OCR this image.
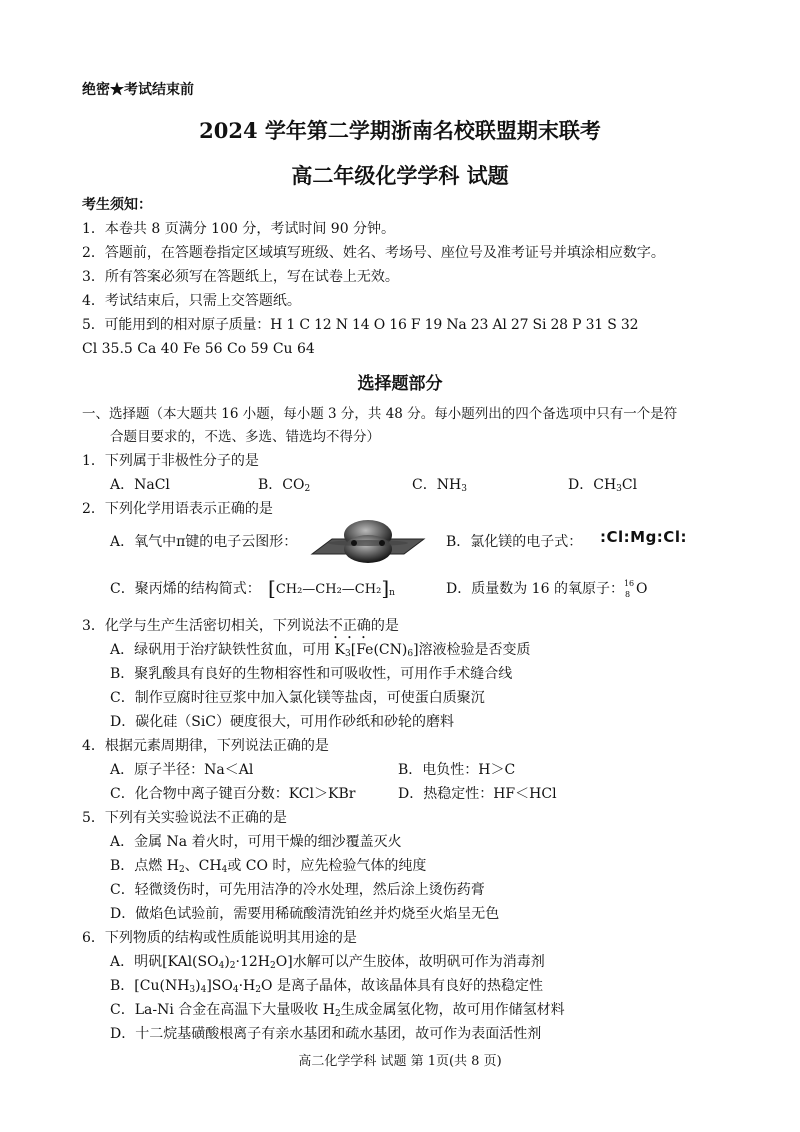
绝密★考试结束前
2024 学年第二学期浙南名校联盟期末联考
高二年级化学学科 试题
考生须知：
1．本卷共 8 页满分 100 分，考试时间 90 分钟。
2．答题前，在答题卷指定区域填写班级、姓名、考场号、座位号及准考证号并填涂相应数字。
3．所有答案必须写在答题纸上，写在试卷上无效。
4．考试结束后，只需上交答题纸。
5．可能用到的相对原子质量：H 1 C 12 N 14 O 16 F 19 Na 23 Al 27 Si 28 P 31 S 32
Cl 35.5 Ca 40 Fe 56 Co 59 Cu 64
选择题部分
一、选择题（本大题共 16 小题，每小题 3 分，共 48 分。每小题列出的四个备选项中只有一个是符
合题目要求的，不选、多选、错选均不得分）
1．下列属于非极性分子的是
A．NaCl	B．$CO_2$	C．$NH_3$	D．$CH_3Cl$
2．下列化学用语表示正确的是
A．氧气中π键的电子云图形：	B．氯化镁的电子式： :Cl:Mg:Cl:
C．聚丙烯的结构简式： $[CH_2—CH_2—CH_2]_n$	D．质量数为 16 的氧原子： 16
8 O
3．化学与生产生活密切相关，下列说法不正确的是
A．绿矾用于治疗缺铁性贫血，可用 $K_3[Fe(CN)_6]$溶液检验是否变质
B．聚乳酸具有良好的生物相容性和可吸收性，可用作手术缝合线
C．制作豆腐时往豆浆中加入氯化镁等盐卤，可使蛋白质聚沉
D．碳化硅（SiC）硬度很大，可用作砂纸和砂轮的磨料
4．根据元素周期律，下列说法正确的是
A．原子半径：Na＜Al	B．电负性：H＞C
C．化合物中离子键百分数：KCl＞KBr	D．热稳定性：HF＜HCl
5．下列有关实验说法不正确的是
A．金属 Na 着火时，可用干燥的细沙覆盖灭火
B．点燃 $H_2$、$CH_4$或 CO 时，应先检验气体的纯度
C．轻微烫伤时，可先用洁净的冷水处理，然后涂上烫伤药膏
D．做焰色试验前，需要用稀硫酸清洗铂丝并灼烧至火焰呈无色
6．下列物质的结构或性质能说明其用途的是
A．明矾$[KAl(SO_4)_2\cdot 12H_2O]$水解可以产生胶体，故明矾可作为消毒剂
B．$[Cu(NH_3)_4]SO_4\cdot H_2O$ 是离子晶体，故该晶体具有良好的热稳定性
C．La-Ni 合金在高温下大量吸收 $H_2$生成金属氢化物，故可用作储氢材料
D．十二烷基磺酸根离子有亲水基团和疏水基团，故可作为表面活性剂
高二化学学科 试题 第 1页(共 8 页)
